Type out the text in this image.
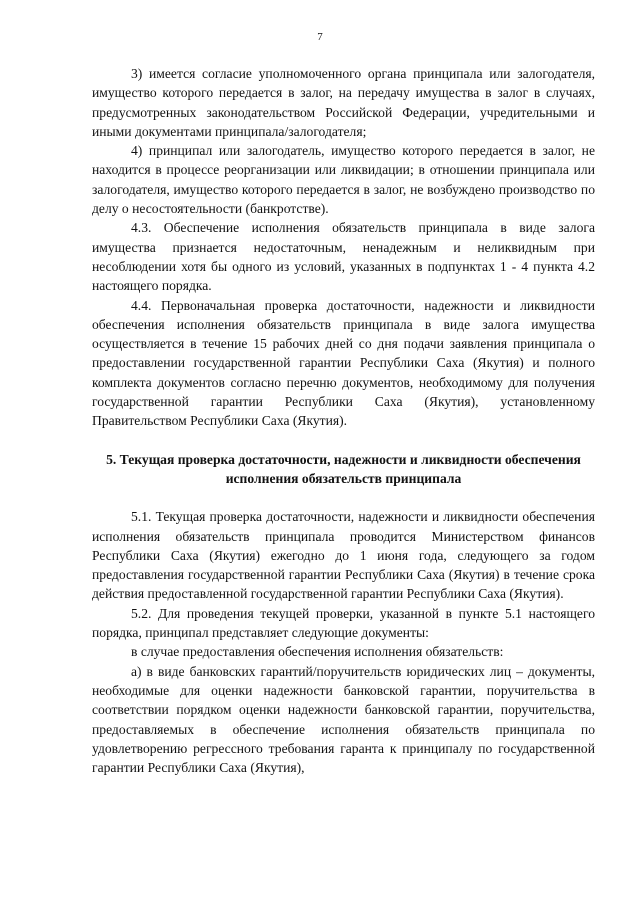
7

3) имеется согласие уполномоченного органа принципала или залогодателя, имущество которого передается в залог, на передачу имущества в залог в случаях, предусмотренных законодательством Российской Федерации, учредительными и иными документами принципала/залогодателя;

4) принципал или залогодатель, имущество которого передается в залог, не находится в процессе реорганизации или ликвидации; в отношении принципала или залогодателя, имущество которого передается в залог, не возбуждено производство по делу о несостоятельности (банкротстве).

4.3. Обеспечение исполнения обязательств принципала в виде залога имущества признается недостаточным, ненадежным и неликвидным при несоблюдении хотя бы одного из условий, указанных в подпунктах 1 - 4 пункта 4.2 настоящего порядка.

4.4. Первоначальная проверка достаточности, надежности и ликвидности обеспечения исполнения обязательств принципала в виде залога имущества осуществляется в течение 15 рабочих дней со дня подачи заявления принципала о предоставлении государственной гарантии Республики Саха (Якутия) и полного комплекта документов согласно перечню документов, необходимому для получения государственной гарантии Республики Саха (Якутия), установленному Правительством Республики Саха (Якутия).

5. Текущая проверка достаточности, надежности и ликвидности обеспечения исполнения обязательств принципала

5.1. Текущая проверка достаточности, надежности и ликвидности обеспечения исполнения обязательств принципала проводится Министерством финансов Республики Саха (Якутия) ежегодно до 1 июня года, следующего за годом предоставления государственной гарантии Республики Саха (Якутия) в течение срока действия предоставленной государственной гарантии Республики Саха (Якутия).

5.2. Для проведения текущей проверки, указанной в пункте 5.1 настоящего порядка, принципал представляет следующие документы:

в случае предоставления обеспечения исполнения обязательств:

а) в виде банковских гарантий/поручительств юридических лиц – документы, необходимые для оценки надежности банковской гарантии, поручительства в соответствии порядком оценки надежности банковской гарантии, поручительства, предоставляемых в обеспечение исполнения обязательств принципала по удовлетворению регрессного требования гаранта к принципалу по государственной гарантии Республики Саха (Якутия),
